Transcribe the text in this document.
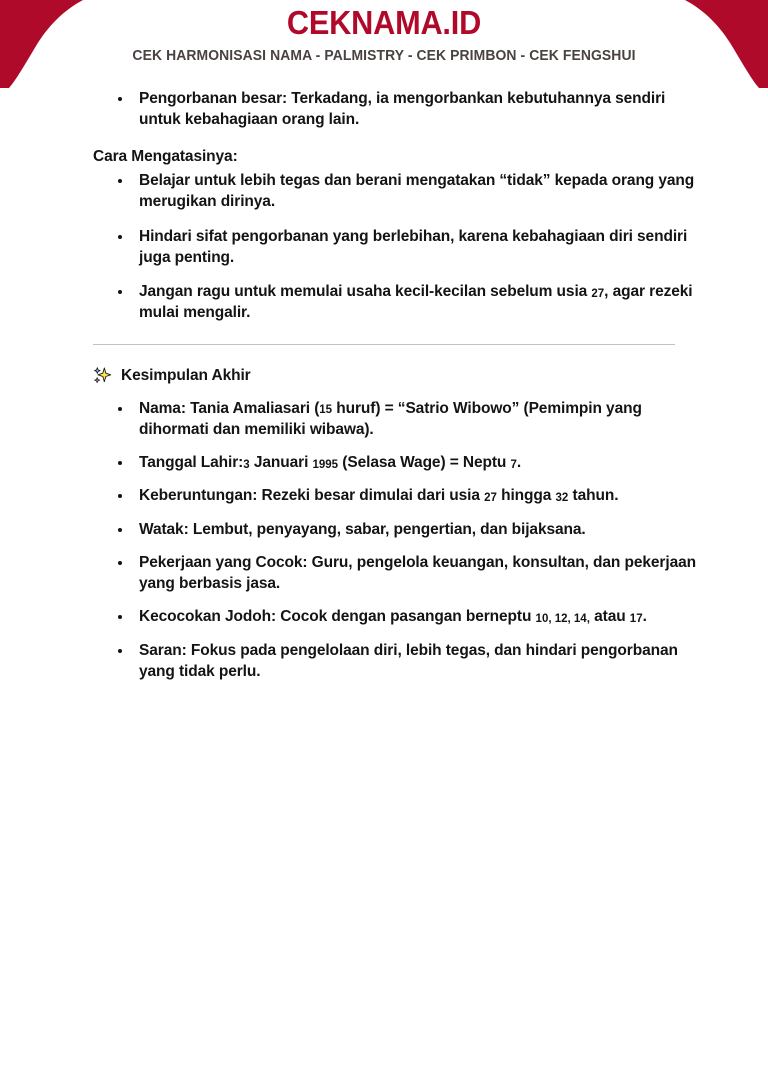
CEKNAMA.ID
CEK HARMONISASI NAMA - PALMISTRY - CEK PRIMBON - CEK FENGSHUI
Pengorbanan besar: Terkadang, ia mengorbankan kebutuhannya sendiri untuk kebahagiaan orang lain.
Cara Mengatasinya:
Belajar untuk lebih tegas dan berani mengatakan “tidak” kepada orang yang merugikan dirinya.
Hindari sifat pengorbanan yang berlebihan, karena kebahagiaan diri sendiri juga penting.
Jangan ragu untuk memulai usaha kecil-kecilan sebelum usia 27, agar rezeki mulai mengalir.
Kesimpulan Akhir
Nama: Tania Amaliasari (15 huruf) = “Satrio Wibowo” (Pemimpin yang dihormati dan memiliki wibawa).
Tanggal Lahir:3 Januari 1995 (Selasa Wage) = Neptu 7.
Keberuntungan: Rezeki besar dimulai dari usia 27 hingga 32 tahun.
Watak: Lembut, penyayang, sabar, pengertian, dan bijaksana.
Pekerjaan yang Cocok: Guru, pengelola keuangan, konsultan, dan pekerjaan yang berbasis jasa.
Kecocokan Jodoh: Cocok dengan pasangan berneptu 10, 12, 14, atau 17.
Saran: Fokus pada pengelolaan diri, lebih tegas, dan hindari pengorbanan yang tidak perlu.
